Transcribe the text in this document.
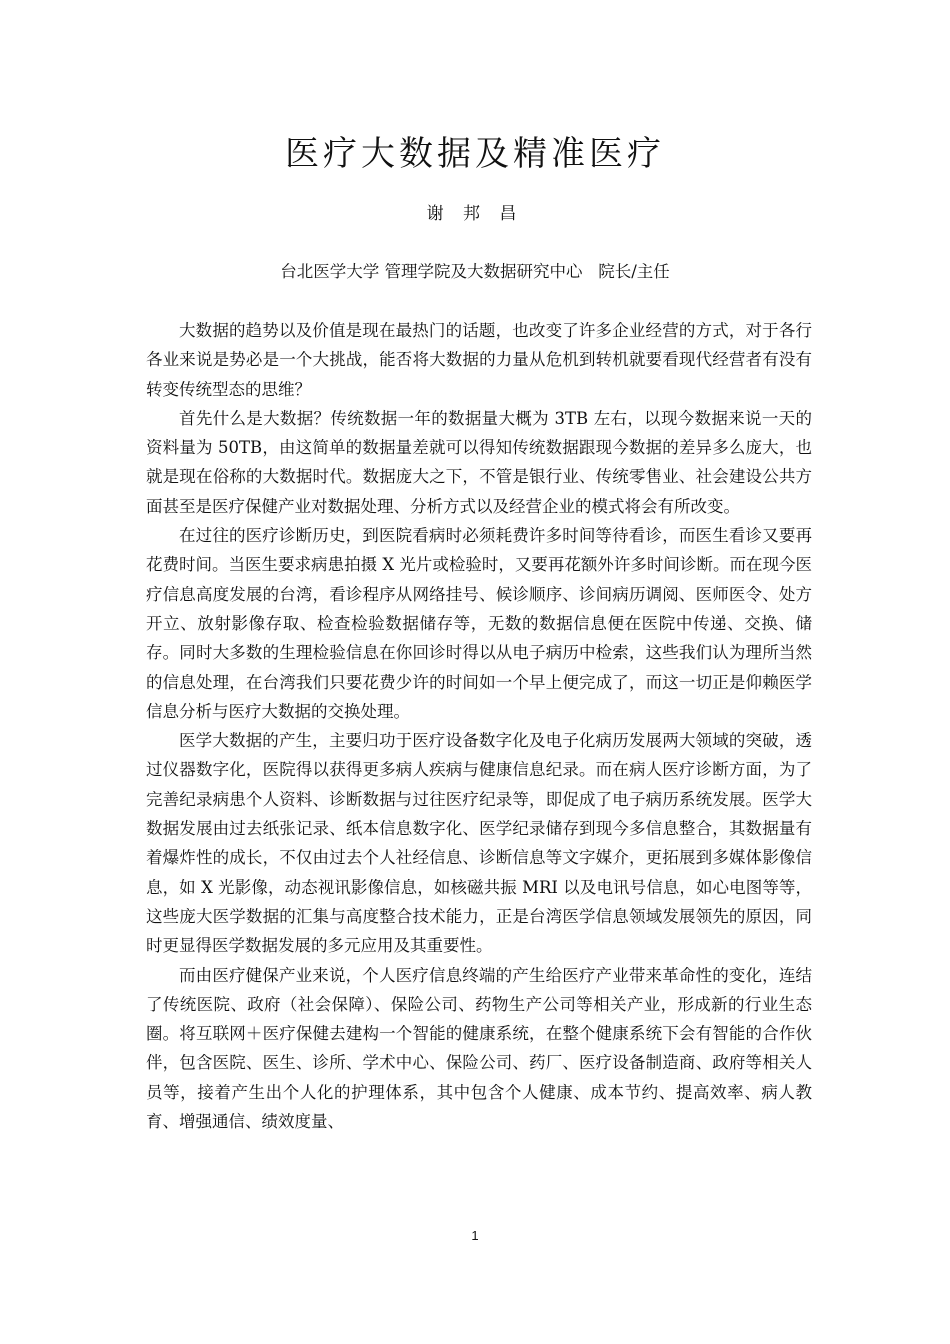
医疗大数据及精准医疗
谢 邦 昌
台北医学大学 管理学院及大数据研究中心   院长/主任

大数据的趋势以及价值是现在最热门的话题，也改变了许多企业经营的方式，对于各行各业来说是势必是一个大挑战，能否将大数据的力量从危机到转机就要看现代经营者有没有转变传统型态的思维？

首先什么是大数据？传统数据一年的数据量大概为 3TB 左右，以现今数据来说一天的资料量为 50TB，由这简单的数据量差就可以得知传统数据跟现今数据的差异多么庞大，也就是现在俗称的大数据时代。数据庞大之下，不管是银行业、传统零售业、社会建设公共方面甚至是医疗保健产业对数据处理、分析方式以及经营企业的模式将会有所改变。

在过往的医疗诊断历史，到医院看病时必须耗费许多时间等待看诊，而医生看诊又要再花费时间。当医生要求病患拍摄 X 光片或检验时，又要再花额外许多时间诊断。而在现今医疗信息高度发展的台湾，看诊程序从网络挂号、候诊顺序、诊间病历调阅、医师医令、处方开立、放射影像存取、检查检验数据储存等，无数的数据信息便在医院中传递、交换、储存。同时大多数的生理检验信息在你回诊时得以从电子病历中检索，这些我们认为理所当然的信息处理，在台湾我们只要花费少许的时间如一个早上便完成了，而这一切正是仰赖医学信息分析与医疗大数据的交换处理。

医学大数据的产生，主要归功于医疗设备数字化及电子化病历发展两大领域的突破，透过仪器数字化，医院得以获得更多病人疾病与健康信息纪录。而在病人医疗诊断方面，为了完善纪录病患个人资料、诊断数据与过往医疗纪录等，即促成了电子病历系统发展。医学大数据发展由过去纸张记录、纸本信息数字化、医学纪录储存到现今多信息整合，其数据量有着爆炸性的成长，不仅由过去个人社经信息、诊断信息等文字媒介，更拓展到多媒体影像信息，如 X 光影像，动态视讯影像信息，如核磁共振 MRI 以及电讯号信息，如心电图等等，这些庞大医学数据的汇集与高度整合技术能力，正是台湾医学信息领域发展领先的原因，同时更显得医学数据发展的多元应用及其重要性。

而由医疗健保产业来说，个人医疗信息终端的产生给医疗产业带来革命性的变化，连结了传统医院、政府（社会保障）、保险公司、药物生产公司等相关产业，形成新的行业生态圈。将互联网＋医疗保健去建构一个智能的健康系统，在整个健康系统下会有智能的合作伙伴，包含医院、医生、诊所、学术中心、保险公司、药厂、医疗设备制造商、政府等相关人员等，接着产生出个人化的护理体系，其中包含个人健康、成本节约、提高效率、病人教育、增强通信、绩效度量、

1
